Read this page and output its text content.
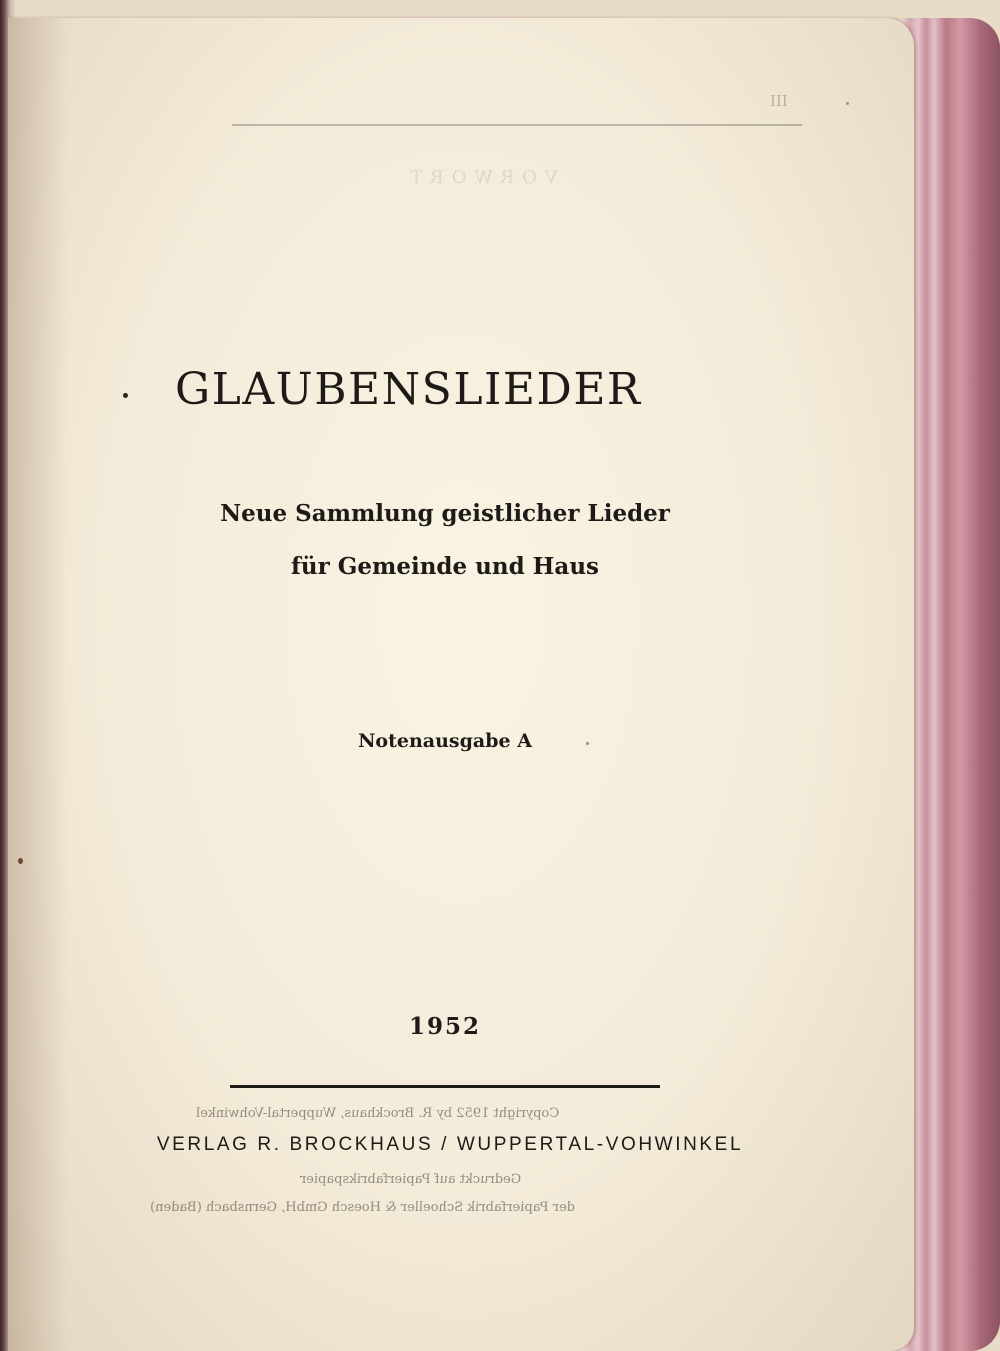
III
VORWORT
GLAUBENSLIEDER
Neue Sammlung geistlicher Lieder
für Gemeinde und Haus
Notenausgabe A
1952
Copyright 1952 by R. Brockhaus, Wuppertal-Vohwinkel
VERLAG R. BROCKHAUS / WUPPERTAL-VOHWINKEL
Gedruckt auf Papierfabrikspapier
der Papierfabrik Schoeller & Hoesch GmbH, Gernsbach (Baden)
